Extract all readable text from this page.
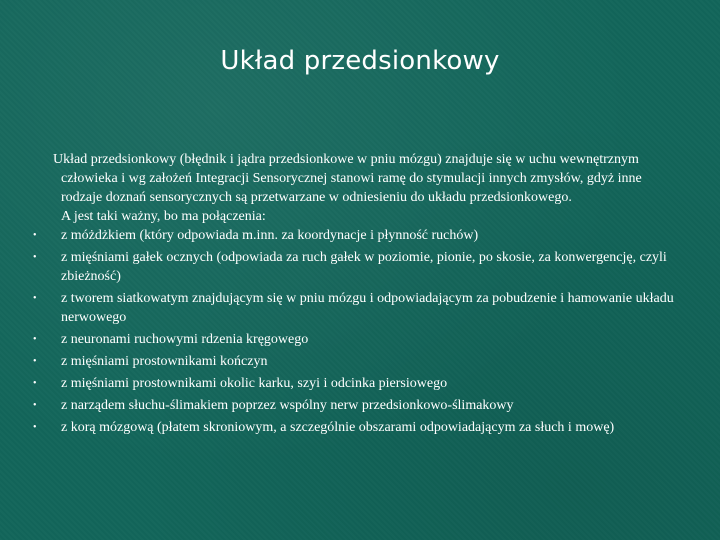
Układ przedsionkowy

Układ przedsionkowy (błędnik i jądra przedsionkowe w pniu mózgu) znajduje się w uchu wewnętrznym człowieka i wg założeń Integracji Sensorycznej stanowi ramę do stymulacji innych zmysłów, gdyż inne rodzaje doznań sensorycznych są przetwarzane w odniesieniu do układu przedsionkowego.

A jest taki ważny, bo ma połączenia:

• z móżdżkiem (który odpowiada m.inn. za koordynacje i płynność ruchów)
• z mięśniami gałek ocznych (odpowiada za ruch gałek w poziomie, pionie, po skosie, za konwergencję, czyli zbieżność)
• z tworem siatkowatym znajdującym się w pniu mózgu i odpowiadającym za pobudzenie i hamowanie układu nerwowego
• z neuronami ruchowymi rdzenia kręgowego
• z mięśniami prostownikami kończyn
• z mięśniami prostownikami okolic karku, szyi i odcinka piersiowego
• z narządem słuchu-ślimakiem poprzez wspólny nerw przedsionkowo-ślimakowy
• z korą mózgową (płatem skroniowym, a szczególnie obszarami odpowiadającym za słuch i mowę)
